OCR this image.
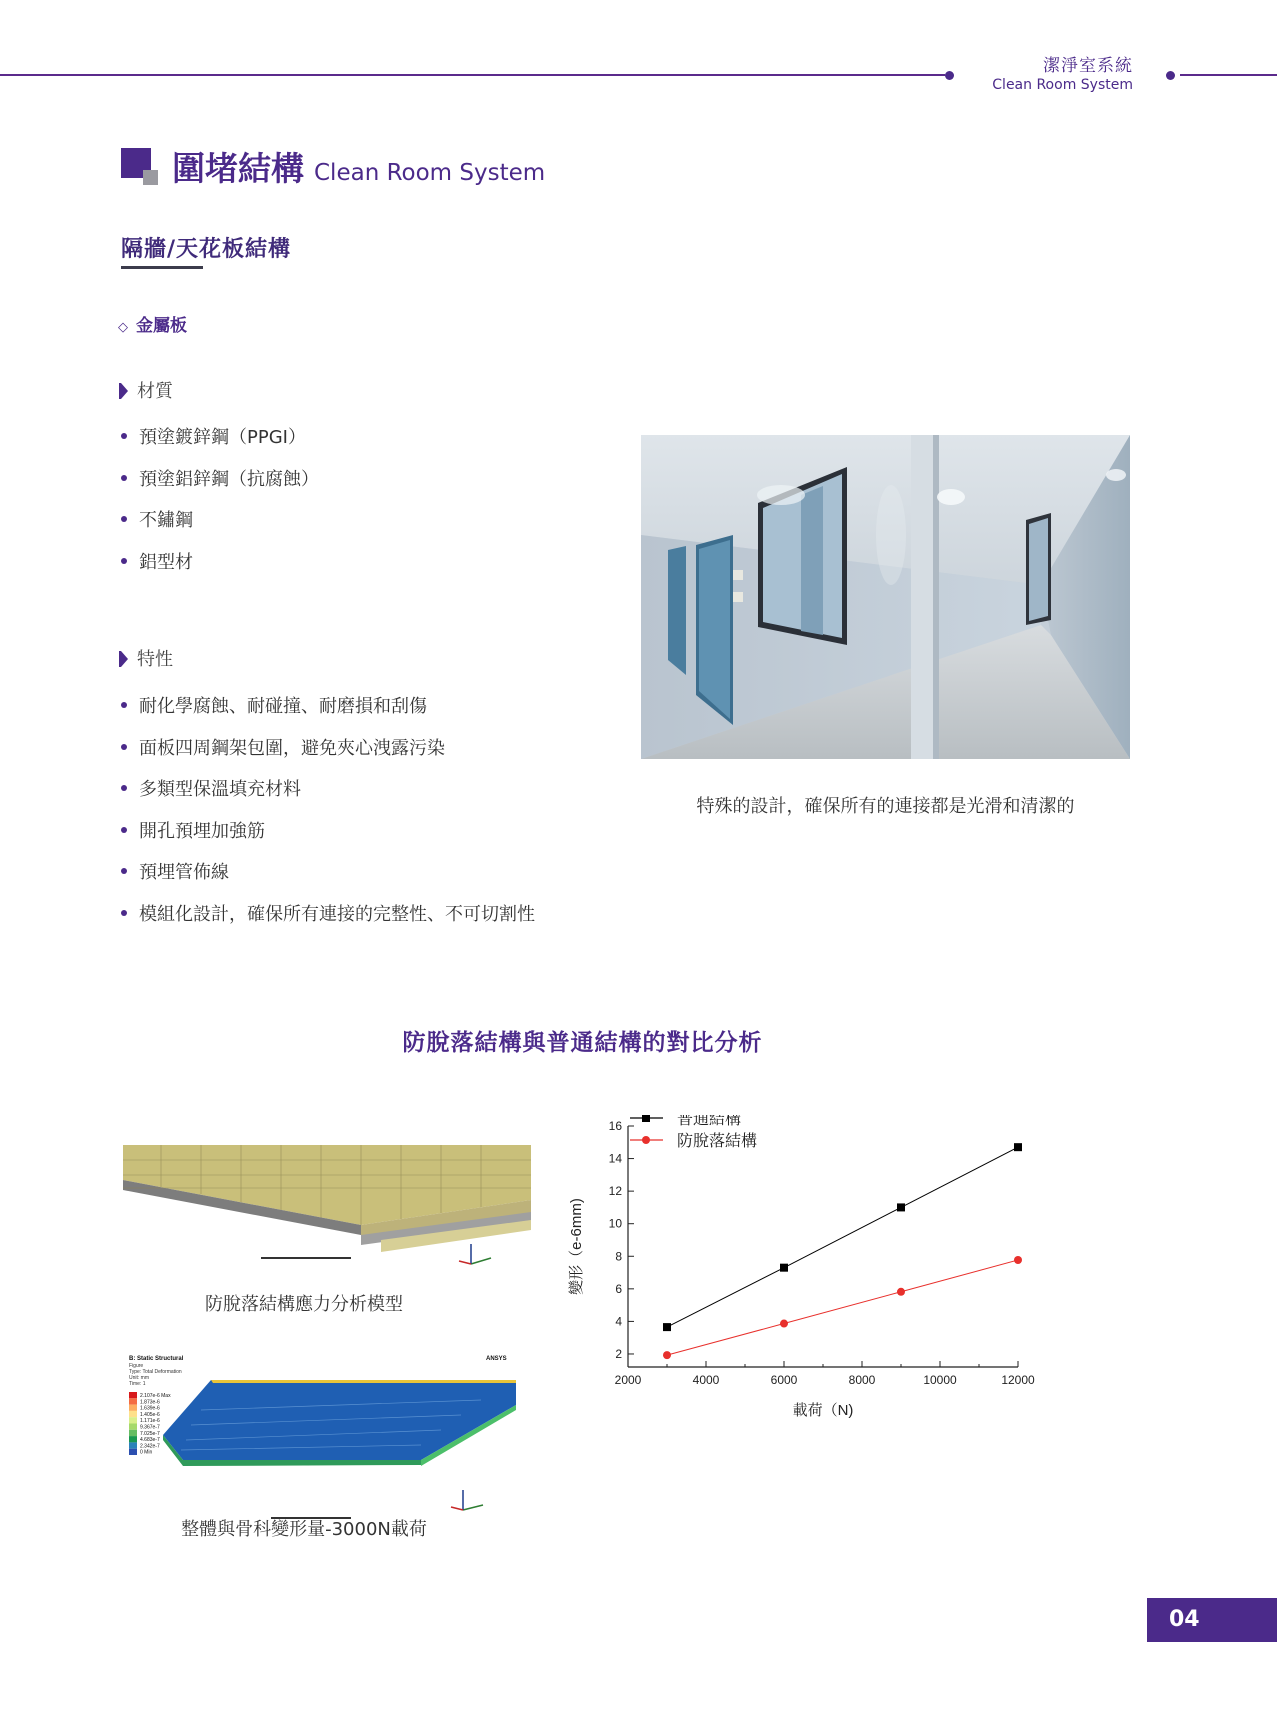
潔淨室系統
Clean Room System
圍堵結構 Clean Room System
隔牆/天花板結構
◇ 金屬板
材質
預塗鍍鋅鋼（PPGI）
預塗鋁鋅鋼（抗腐蝕）
不鏽鋼
鋁型材
特性
耐化學腐蝕、耐碰撞、耐磨損和刮傷
面板四周鋼架包圍，避免夾心洩露污染
多類型保溫填充材料
開孔預埋加強筋
預埋管佈線
模組化設計，確保所有連接的完整性、不可切割性
特殊的設計，確保所有的連接都是光滑和清潔的
防脫落結構與普通結構的對比分析
防脫落結構應力分析模型
B: Static Structural
Figure
Type: Total Deformation
Unit: mm
Time: 1
2.107e-6 Max
1.873e-6
1.639e-6
1.405e-6
1.171e-6
9.367e-7
7.025e-7
4.683e-7
2.342e-7
0 Min
ANSYS
整體與骨科變形量-3000N載荷
2
4
6
8
10
12
14
16
2000	4000	6000	8000	10000	12000
載荷（N)
變形（e-6mm)
普通結構
防脫落結構
04
